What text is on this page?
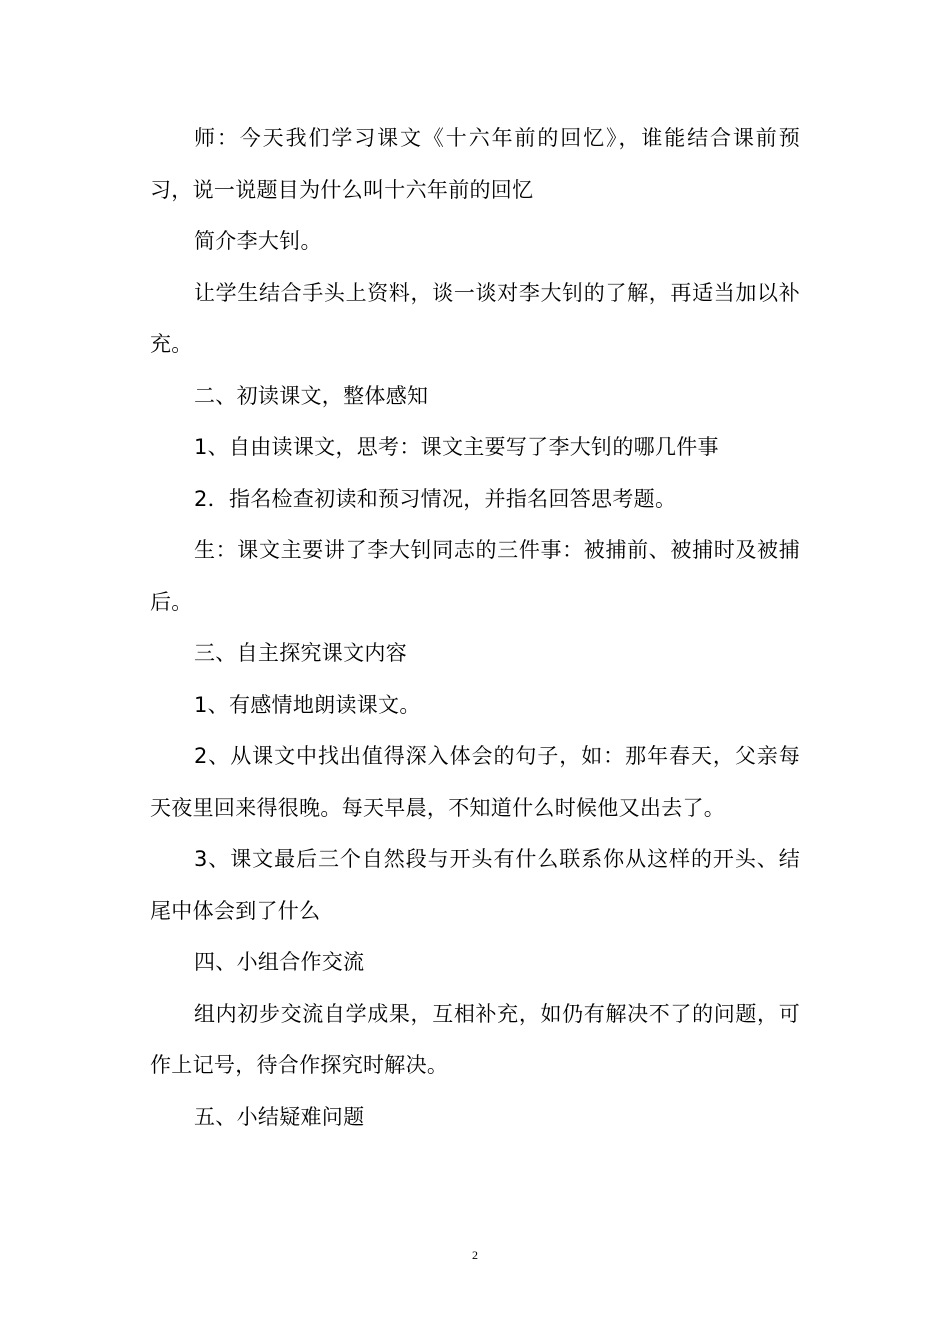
师：今天我们学习课文《十六年前的回忆》，谁能结合课前预习，说一说题目为什么叫十六年前的回忆

简介李大钊。

让学生结合手头上资料，谈一谈对李大钊的了解，再适当加以补充。

二、初读课文，整体感知

1、自由读课文，思考：课文主要写了李大钊的哪几件事

2．指名检查初读和预习情况，并指名回答思考题。

生：课文主要讲了李大钊同志的三件事：被捕前、被捕时及被捕后。

三、自主探究课文内容

1、有感情地朗读课文。

2、从课文中找出值得深入体会的句子，如：那年春天，父亲每天夜里回来得很晚。每天早晨，不知道什么时候他又出去了。

3、课文最后三个自然段与开头有什么联系你从这样的开头、结尾中体会到了什么

四、小组合作交流

组内初步交流自学成果，互相补充，如仍有解决不了的问题，可作上记号，待合作探究时解决。

五、小结疑难问题

2
